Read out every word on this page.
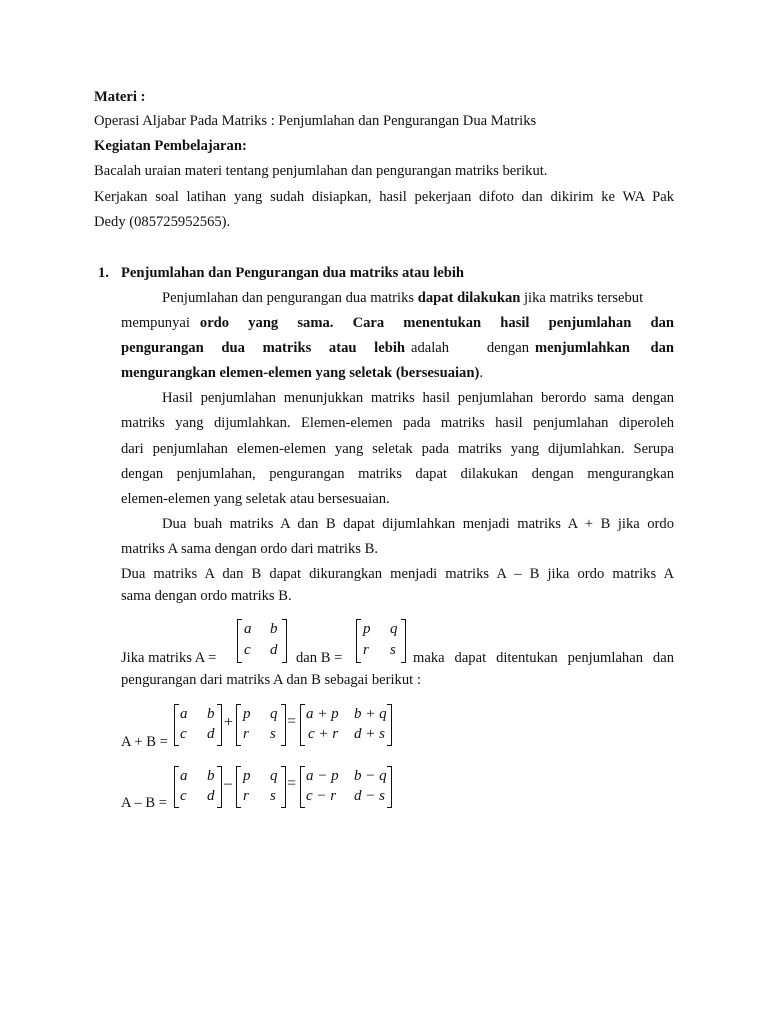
Materi :
Operasi Aljabar Pada Matriks : Penjumlahan dan Pengurangan Dua Matriks
Kegiatan Pembelajaran:
Bacalah uraian materi tentang penjumlahan dan pengurangan matriks berikut.
Kerjakan soal latihan yang sudah disiapkan, hasil pekerjaan difoto dan dikirim ke WA Pak
Dedy (085725952565).
1. Penjumlahan dan Pengurangan dua matriks atau lebih
Penjumlahan dan pengurangan dua matriks dapat dilakukan jika matriks tersebut
mempunyai ordo yang sama. Cara menentukan hasil penjumlahan dan
pengurangan dua matriks atau lebih adalah dengan menjumlahkan dan
mengurangkan elemen-elemen yang seletak (bersesuaian).
Hasil penjumlahan menunjukkan matriks hasil penjumlahan berordo sama dengan
matriks yang dijumlahkan. Elemen-elemen pada matriks hasil penjumlahan diperoleh
dari penjumlahan elemen-elemen yang seletak pada matriks yang dijumlahkan. Serupa
dengan penjumlahan, pengurangan matriks dapat dilakukan dengan mengurangkan
elemen-elemen yang seletak atau bersesuaian.
Dua buah matriks A dan B dapat dijumlahkan menjadi matriks A + B jika ordo
matriks A sama dengan ordo dari matriks B.
Dua matriks A dan B dapat dikurangkan menjadi matriks A – B jika ordo matriks A
sama dengan ordo matriks B.
Jika matriks A =
a b
c d dan B =
p q
r s maka dapat ditentukan penjumlahan dan
pengurangan dari matriks A dan B sebagai berikut :
A + B =
a b
c d
+ p q
r s
= a + p b + q
c + r d + s
A – B =
a b
c d
– p q
r s
= a − p b − q
c − r d − s
